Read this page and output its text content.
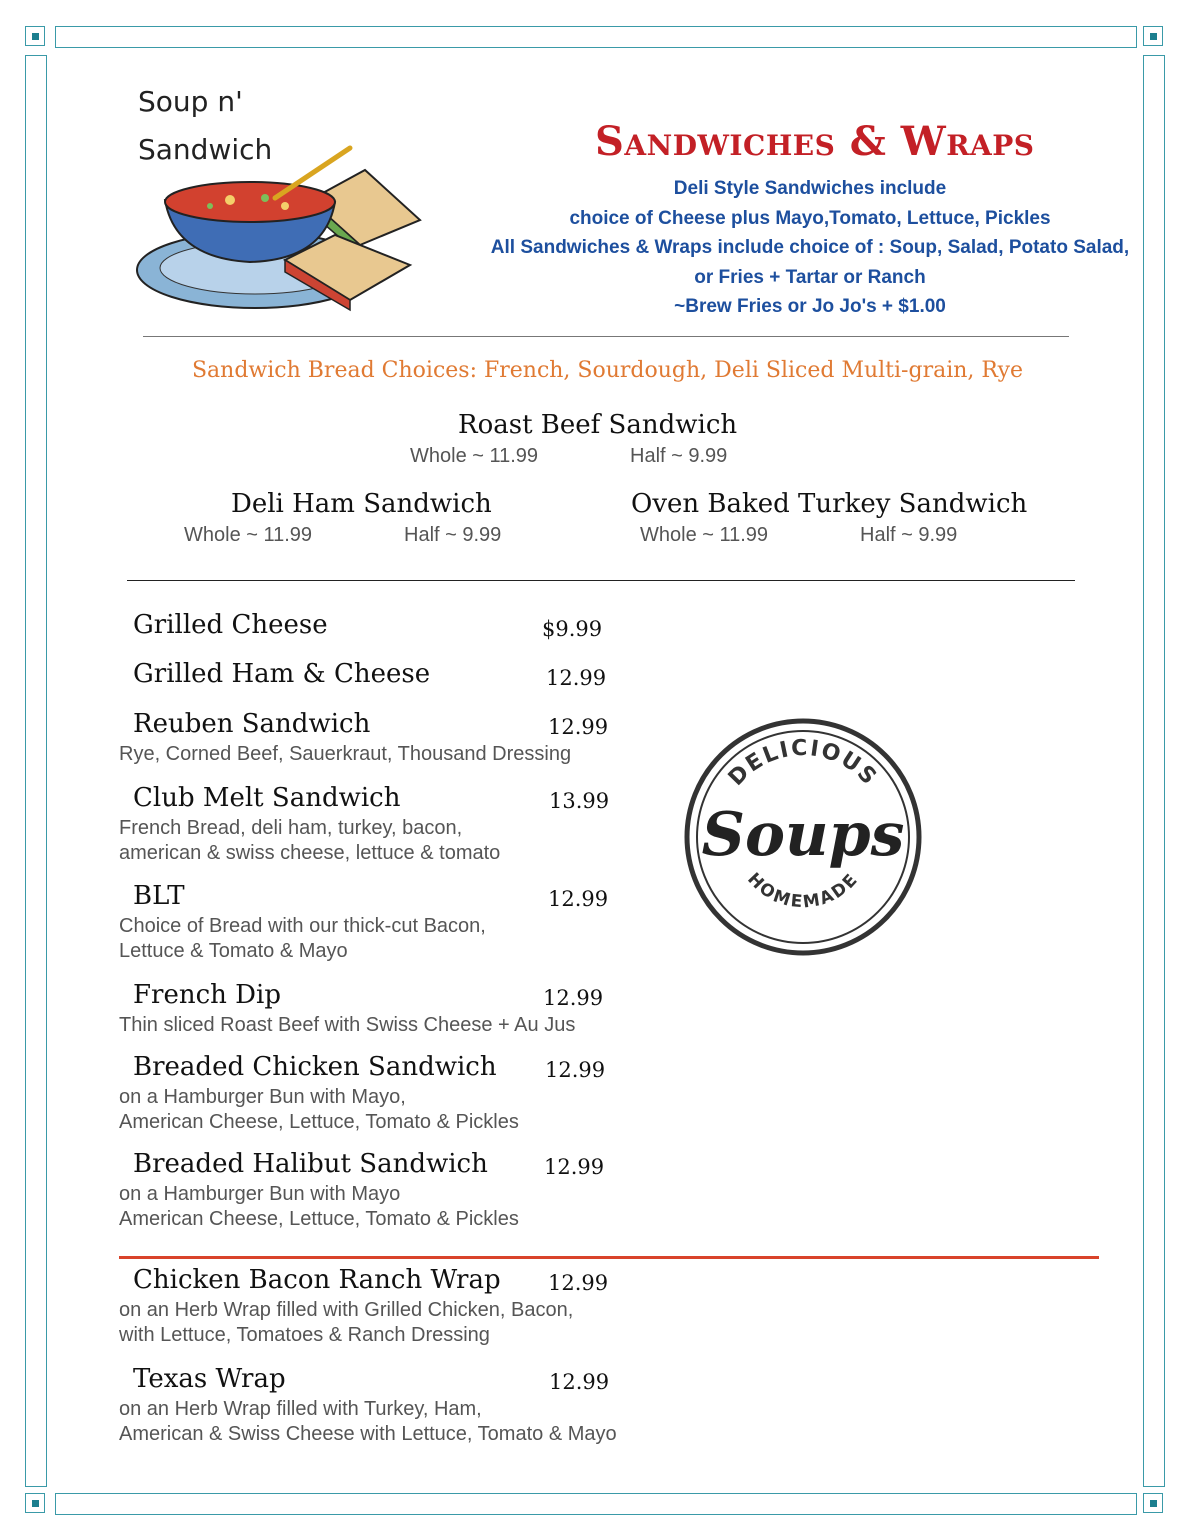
Soup n'
Sandwich	Sandwiches & Wraps
Deli Style Sandwiches include
choice of Cheese plus Mayo,Tomato, Lettuce, Pickles
All Sandwiches & Wraps include choice of : Soup, Salad, Potato Salad,
or Fries + Tartar or Ranch
~Brew Fries or Jo Jo's + $1.00
Sandwich Bread Choices: French, Sourdough, Deli Sliced Multi-grain, Rye
Roast Beef Sandwich
Whole ~ 11.99	Half ~ 9.99
Deli Ham Sandwich
Whole ~ 11.99	Half ~ 9.99
Oven Baked Turkey Sandwich
Whole ~ 11.99	Half ~ 9.99
Grilled Cheese	$9.99
Grilled Ham & Cheese	12.99
Reuben Sandwich	12.99
Rye, Corned Beef, Sauerkraut, Thousand Dressing
Club Melt Sandwich	13.99
French Bread, deli ham, turkey, bacon,
american & swiss cheese, lettuce & tomato
BLT	12.99
Choice of Bread with our thick-cut Bacon,
Lettuce & Tomato & Mayo
French Dip	12.99
Thin sliced Roast Beef with Swiss Cheese + Au Jus
Breaded Chicken Sandwich 12.99
on a Hamburger Bun with Mayo,
American Cheese, Lettuce, Tomato & Pickles
Breaded Halibut Sandwich	12.99
on a Hamburger Bun with Mayo
American Cheese, Lettuce, Tomato & Pickles
Chicken Bacon Ranch Wrap 12.99
on an Herb Wrap filled with Grilled Chicken, Bacon,
with Lettuce, Tomatoes & Ranch Dressing
Texas Wrap	12.99
on an Herb Wrap filled with Turkey, Ham,
American & Swiss Cheese with Lettuce, Tomato & Mayo
DELICIOUS
Soups
HOMEMADE
